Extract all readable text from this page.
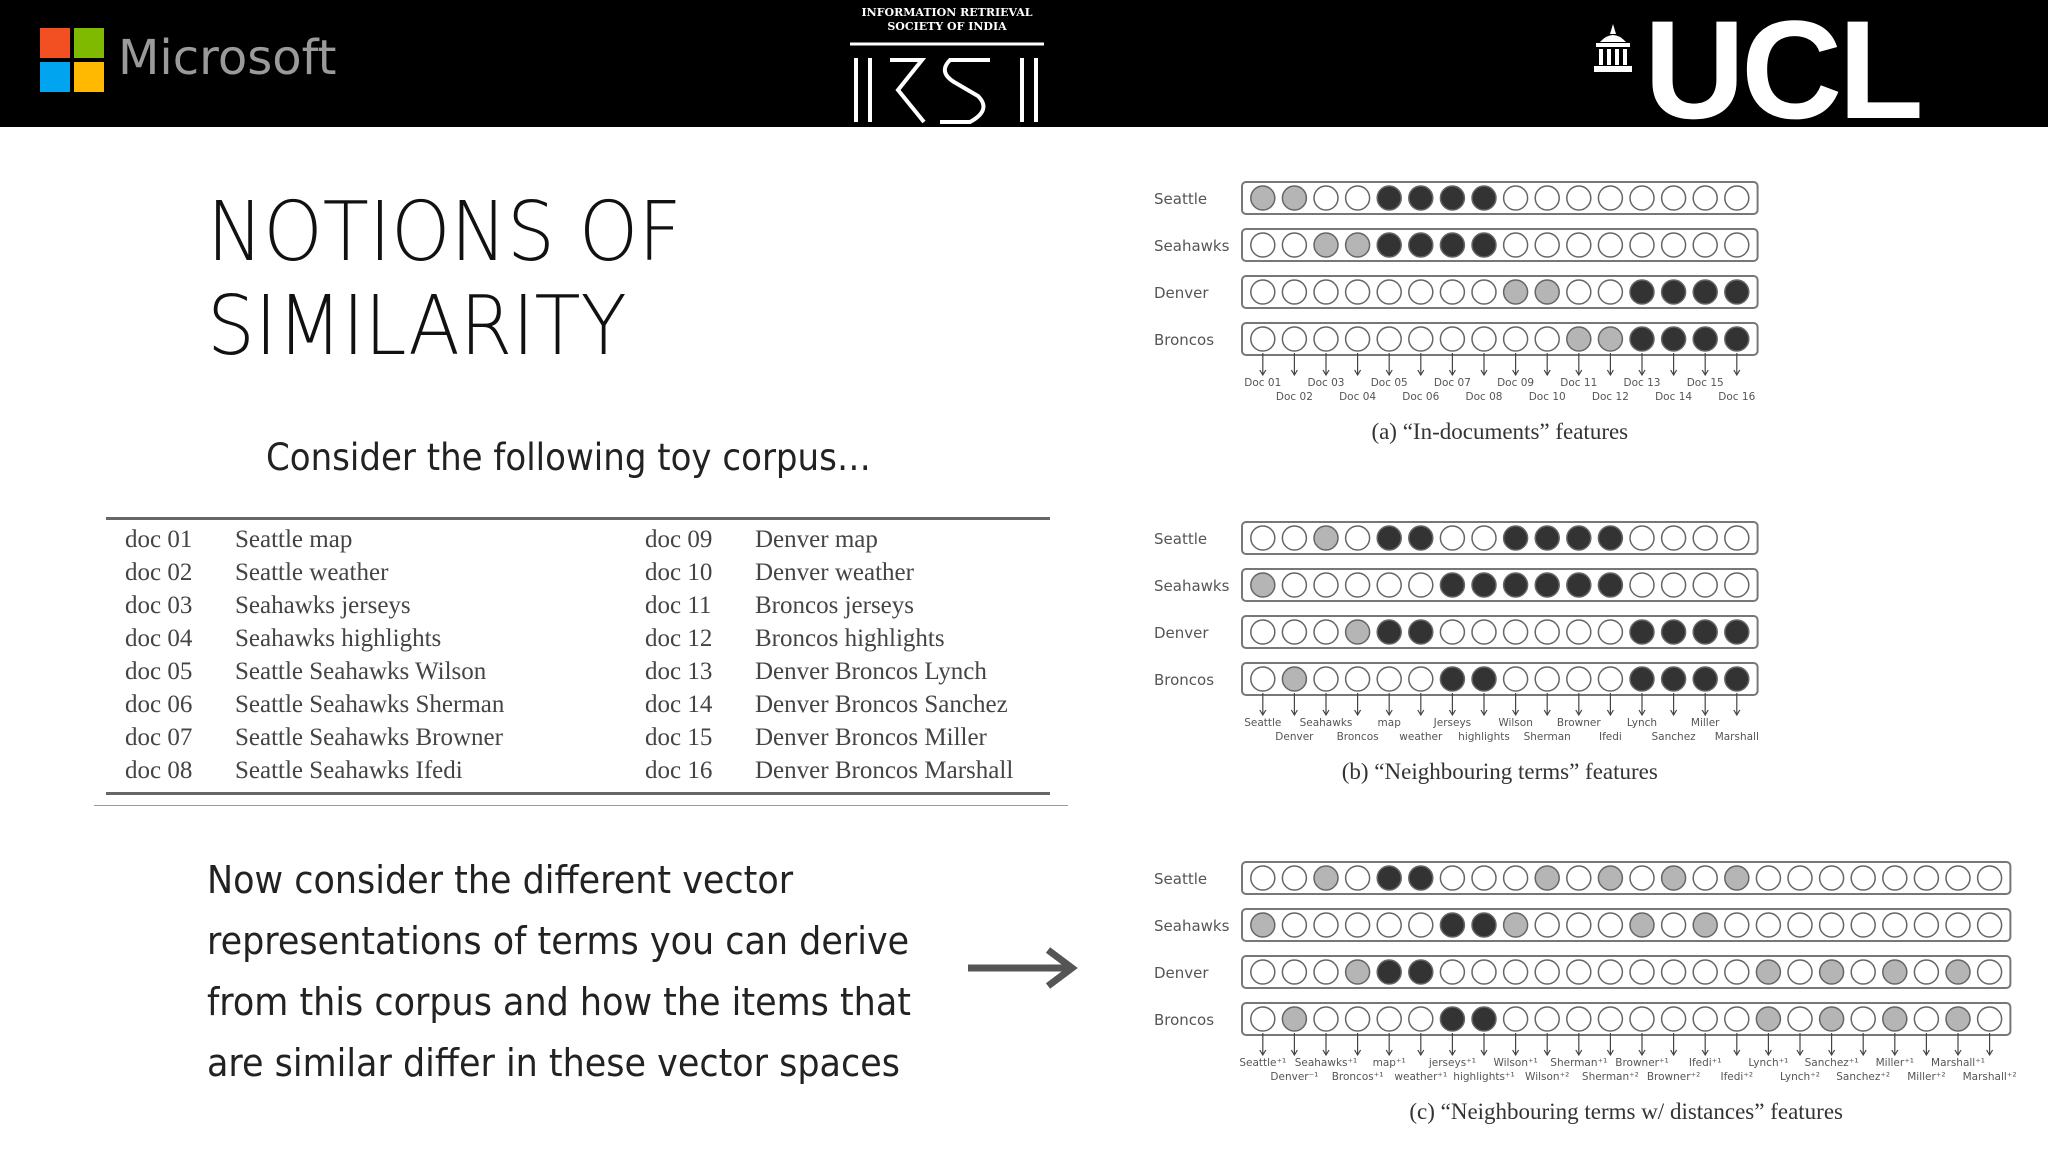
Microsoft
INFORMATION RETRIEVAL
SOCIETY OF INDIA	UCL
NOTIONS OF
SIMILARITY
Consider the following toy corpus…
doc 01 Seattle map
doc 02 Seattle weather
doc 03 Seahawks jerseys
doc 04 Seahawks highlights
doc 05 Seattle Seahawks Wilson
doc 06 Seattle Seahawks Sherman
doc 07 Seattle Seahawks Browner
doc 08 Seattle Seahawks Ifedi
doc 09 Denver map
doc 10 Denver weather
doc 11 Broncos jerseys
doc 12 Broncos highlights
doc 13 Denver Broncos Lynch
doc 14 Denver Broncos Sanchez
doc 15 Denver Broncos Miller
doc 16 Denver Broncos Marshall
Now consider the different vector
representations of terms you can derive
from this corpus and how the items that
are similar differ in these vector spaces
Seattle
Seahawks
Denver
Broncos
Doc 01 Doc 03 Doc 05 Doc 07 Doc 09 Doc 11 Doc 13 Doc 15
Doc 02 Doc 04 Doc 06 Doc 08 Doc 10 Doc 12 Doc 14 Doc 16
(a) “In-documents” features
Seattle
Seahawks
Denver
Broncos
Seattle Seahawks map	Jerseys	Wilson Browner Lynch	Miller
Denver Broncos weather highlights Sherman	Ifedi	Sanchez Marshall
(b) “Neighbouring terms” features
Seattle
Seahawks
Denver
Broncos
Seattle⁺¹ Seahawks⁺¹ map⁺¹ jerseys⁺¹ Wilson⁺¹ Sherman⁺¹ Browner⁺¹ Ifedi⁺¹	Lynch⁺¹ Sanchez⁺¹ Miller⁺¹ Marshall⁺¹
Denver⁻¹ Broncos⁺¹ weather⁺¹ highlights⁺¹ Wilson⁺² Sherman⁺² Browner⁺² Ifedi⁺²	Lynch⁺² Sanchez⁺² Miller⁺² Marshall⁺²
(c) “Neighbouring terms w/ distances” features
